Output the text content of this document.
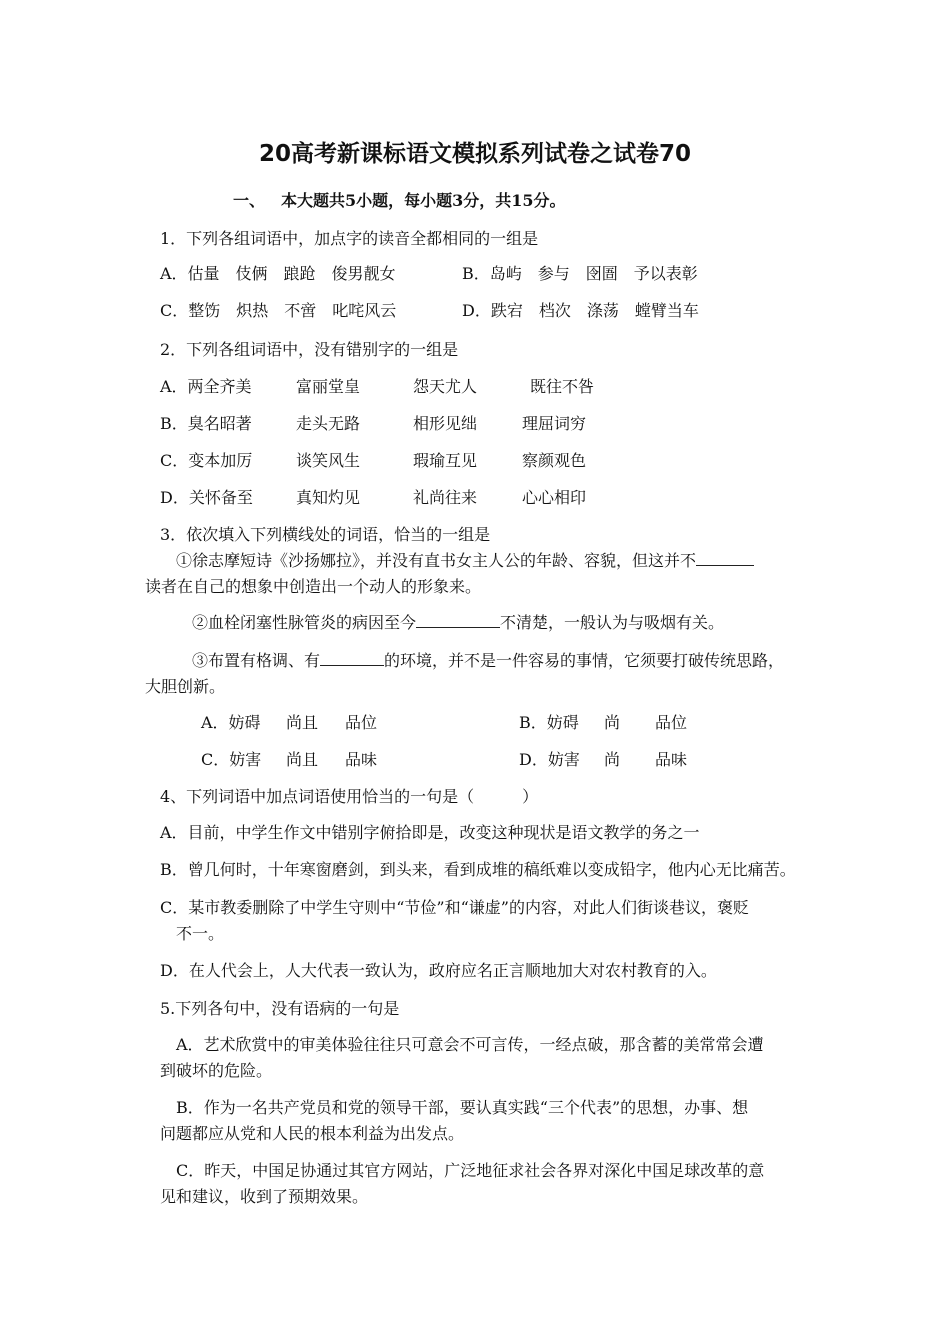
20高考新课标语文模拟系列试卷之试卷70
一、 本大题共5小题，每小题3分，共15分。
1．下列各组词语中，加点字的读音全都相同的一组是
A．估量　伎俩　踉跄　俊男靓女	B．岛屿　参与　囹圄　予以表彰
C．整饬　炽热　不啻　叱咤风云	D．跌宕　档次　涤荡　螳臂当车
2．下列各组词语中，没有错别字的一组是
A．两全齐美	富丽堂皇	怨天尤人	既往不咎
B．臭名昭著	走头无路	相形见绌	理屈词穷
C．变本加厉	谈笑风生	瑕瑜互见	察颜观色
D．关怀备至	真知灼见	礼尚往来	心心相印
3．依次填入下列横线处的词语，恰当的一组是
①徐志摩短诗《沙扬娜拉》，并没有直书女主人公的年龄、容貌，但这并不
读者在自己的想象中创造出一个动人的形象来。
②血栓闭塞性脉管炎的病因至今	不清楚，一般认为与吸烟有关。
③布置有格调、有	的环境，并不是一件容易的事情，它须要打破传统思路，
大胆创新。
A．妨碍 尚且 品位	B．妨碍 尚 品位
C．妨害 尚且 品味	D．妨害 尚 品味
4、下列词语中加点词语使用恰当的一句是（　　　）
A．目前，中学生作文中错别字俯拾即是，改变这种现状是语文教学的务之一
B．曾几何时，十年寒窗磨剑，到头来，看到成堆的稿纸难以变成铅字，他内心无比痛苦。
C．某市教委删除了中学生守则中“节俭”和“谦虚”的内容，对此人们街谈巷议，褒贬
不一。
D．在人代会上，人大代表一致认为，政府应名正言顺地加大对农村教育的入。
5.下列各句中，没有语病的一句是
A．艺术欣赏中的审美体验往往只可意会不可言传，一经点破，那含蓄的美常常会遭
到破坏的危险。
B．作为一名共产党员和党的领导干部，要认真实践“三个代表”的思想，办事、想
问题都应从党和人民的根本利益为出发点。
C．昨天，中国足协通过其官方网站，广泛地征求社会各界对深化中国足球改革的意
见和建议，收到了预期效果。
